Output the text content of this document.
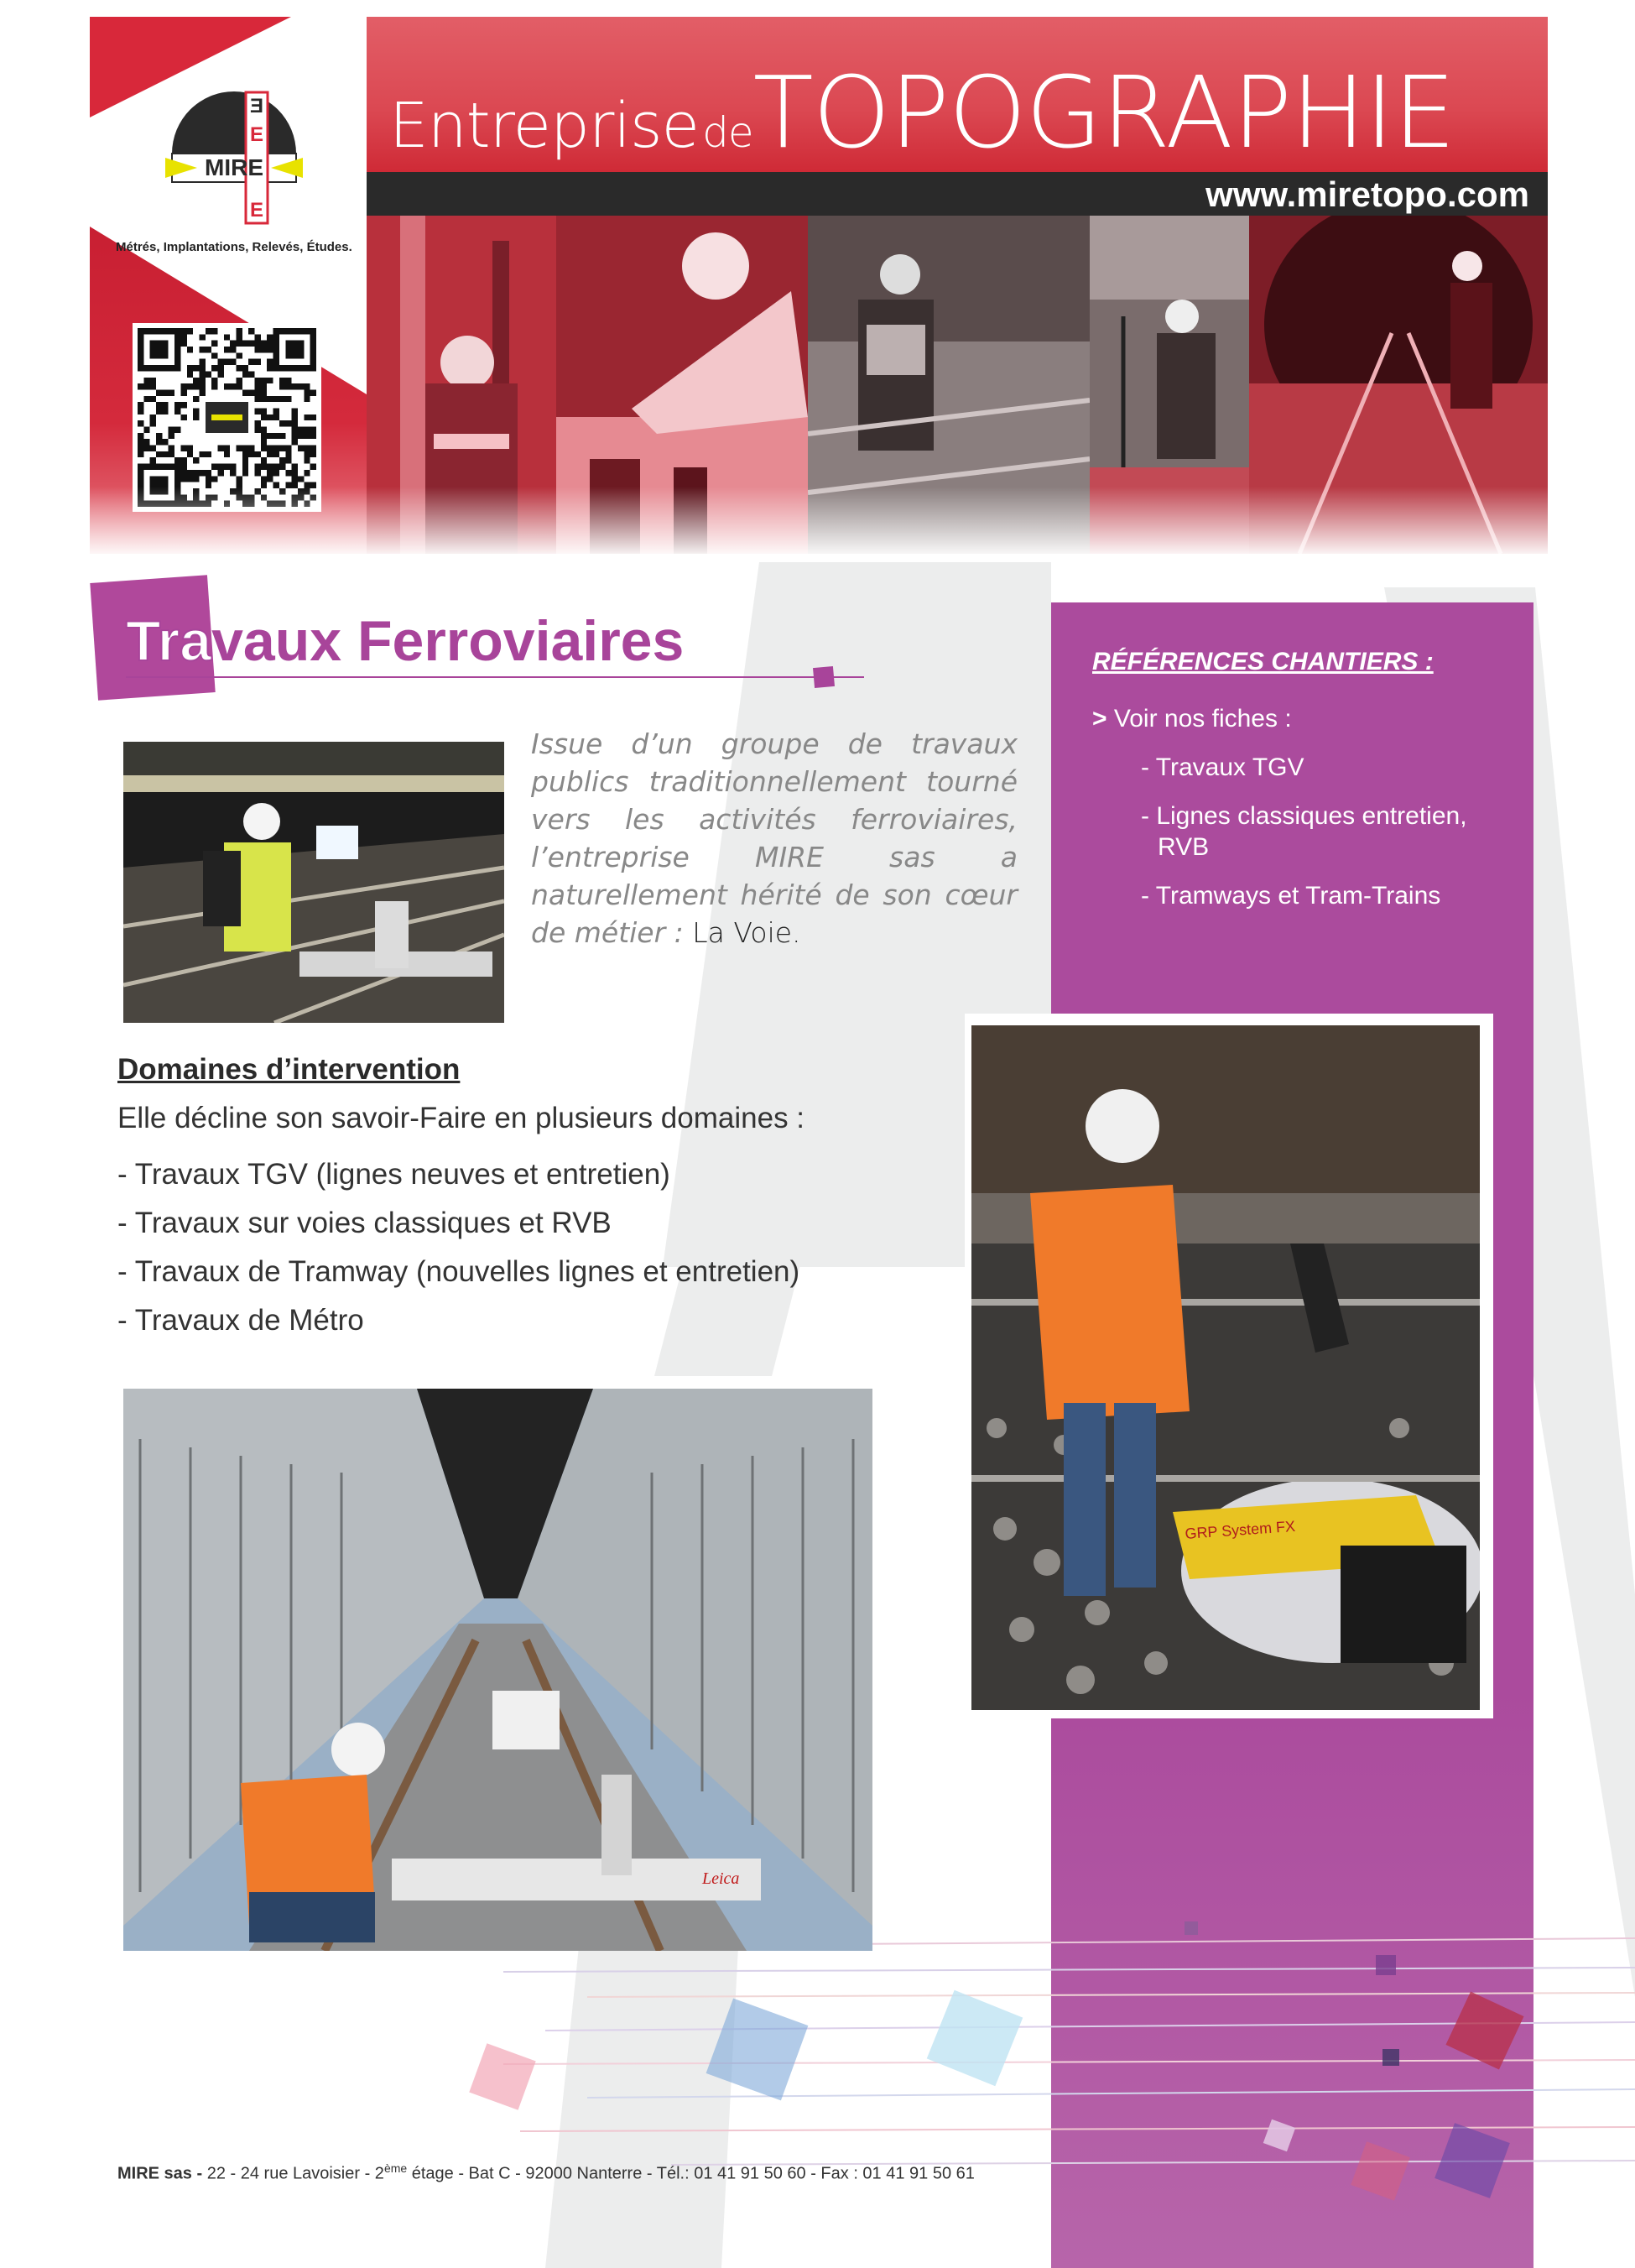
Ǝ
E
E
MIRE
Métrés, Implantations, Relevés, Études.
Entreprise deTOPOGRAPHIE
www.miretopo.com
Travaux Ferroviaires	RÉFÉRENCES CHANTIERS :
> Voir nos fiches :
- Travaux TGV
- Lignes classiques entretien,
RVB
- Tramways et Tram-Trains
Issue d’un groupe de travaux publics traditionnellement tourné vers les activités ferroviaires, l’entreprise MIRE sas a naturellement hérité de son cœur de métier : La Voie.
Domaines d’intervention
Elle décline son savoir-Faire en plusieurs domaines :
- Travaux TGV (lignes neuves et entretien)
- Travaux sur voies classiques et RVB
- Travaux de Tramway (nouvelles lignes et entretien)
- Travaux de Métro
GRP System FX
Leica
MIRE sas - 22 - 24 rue Lavoisier - 2ème étage - Bat C - 92000 Nanterre - Tél.: 01 41 91 50 60 - Fax : 01 41 91 50 61
